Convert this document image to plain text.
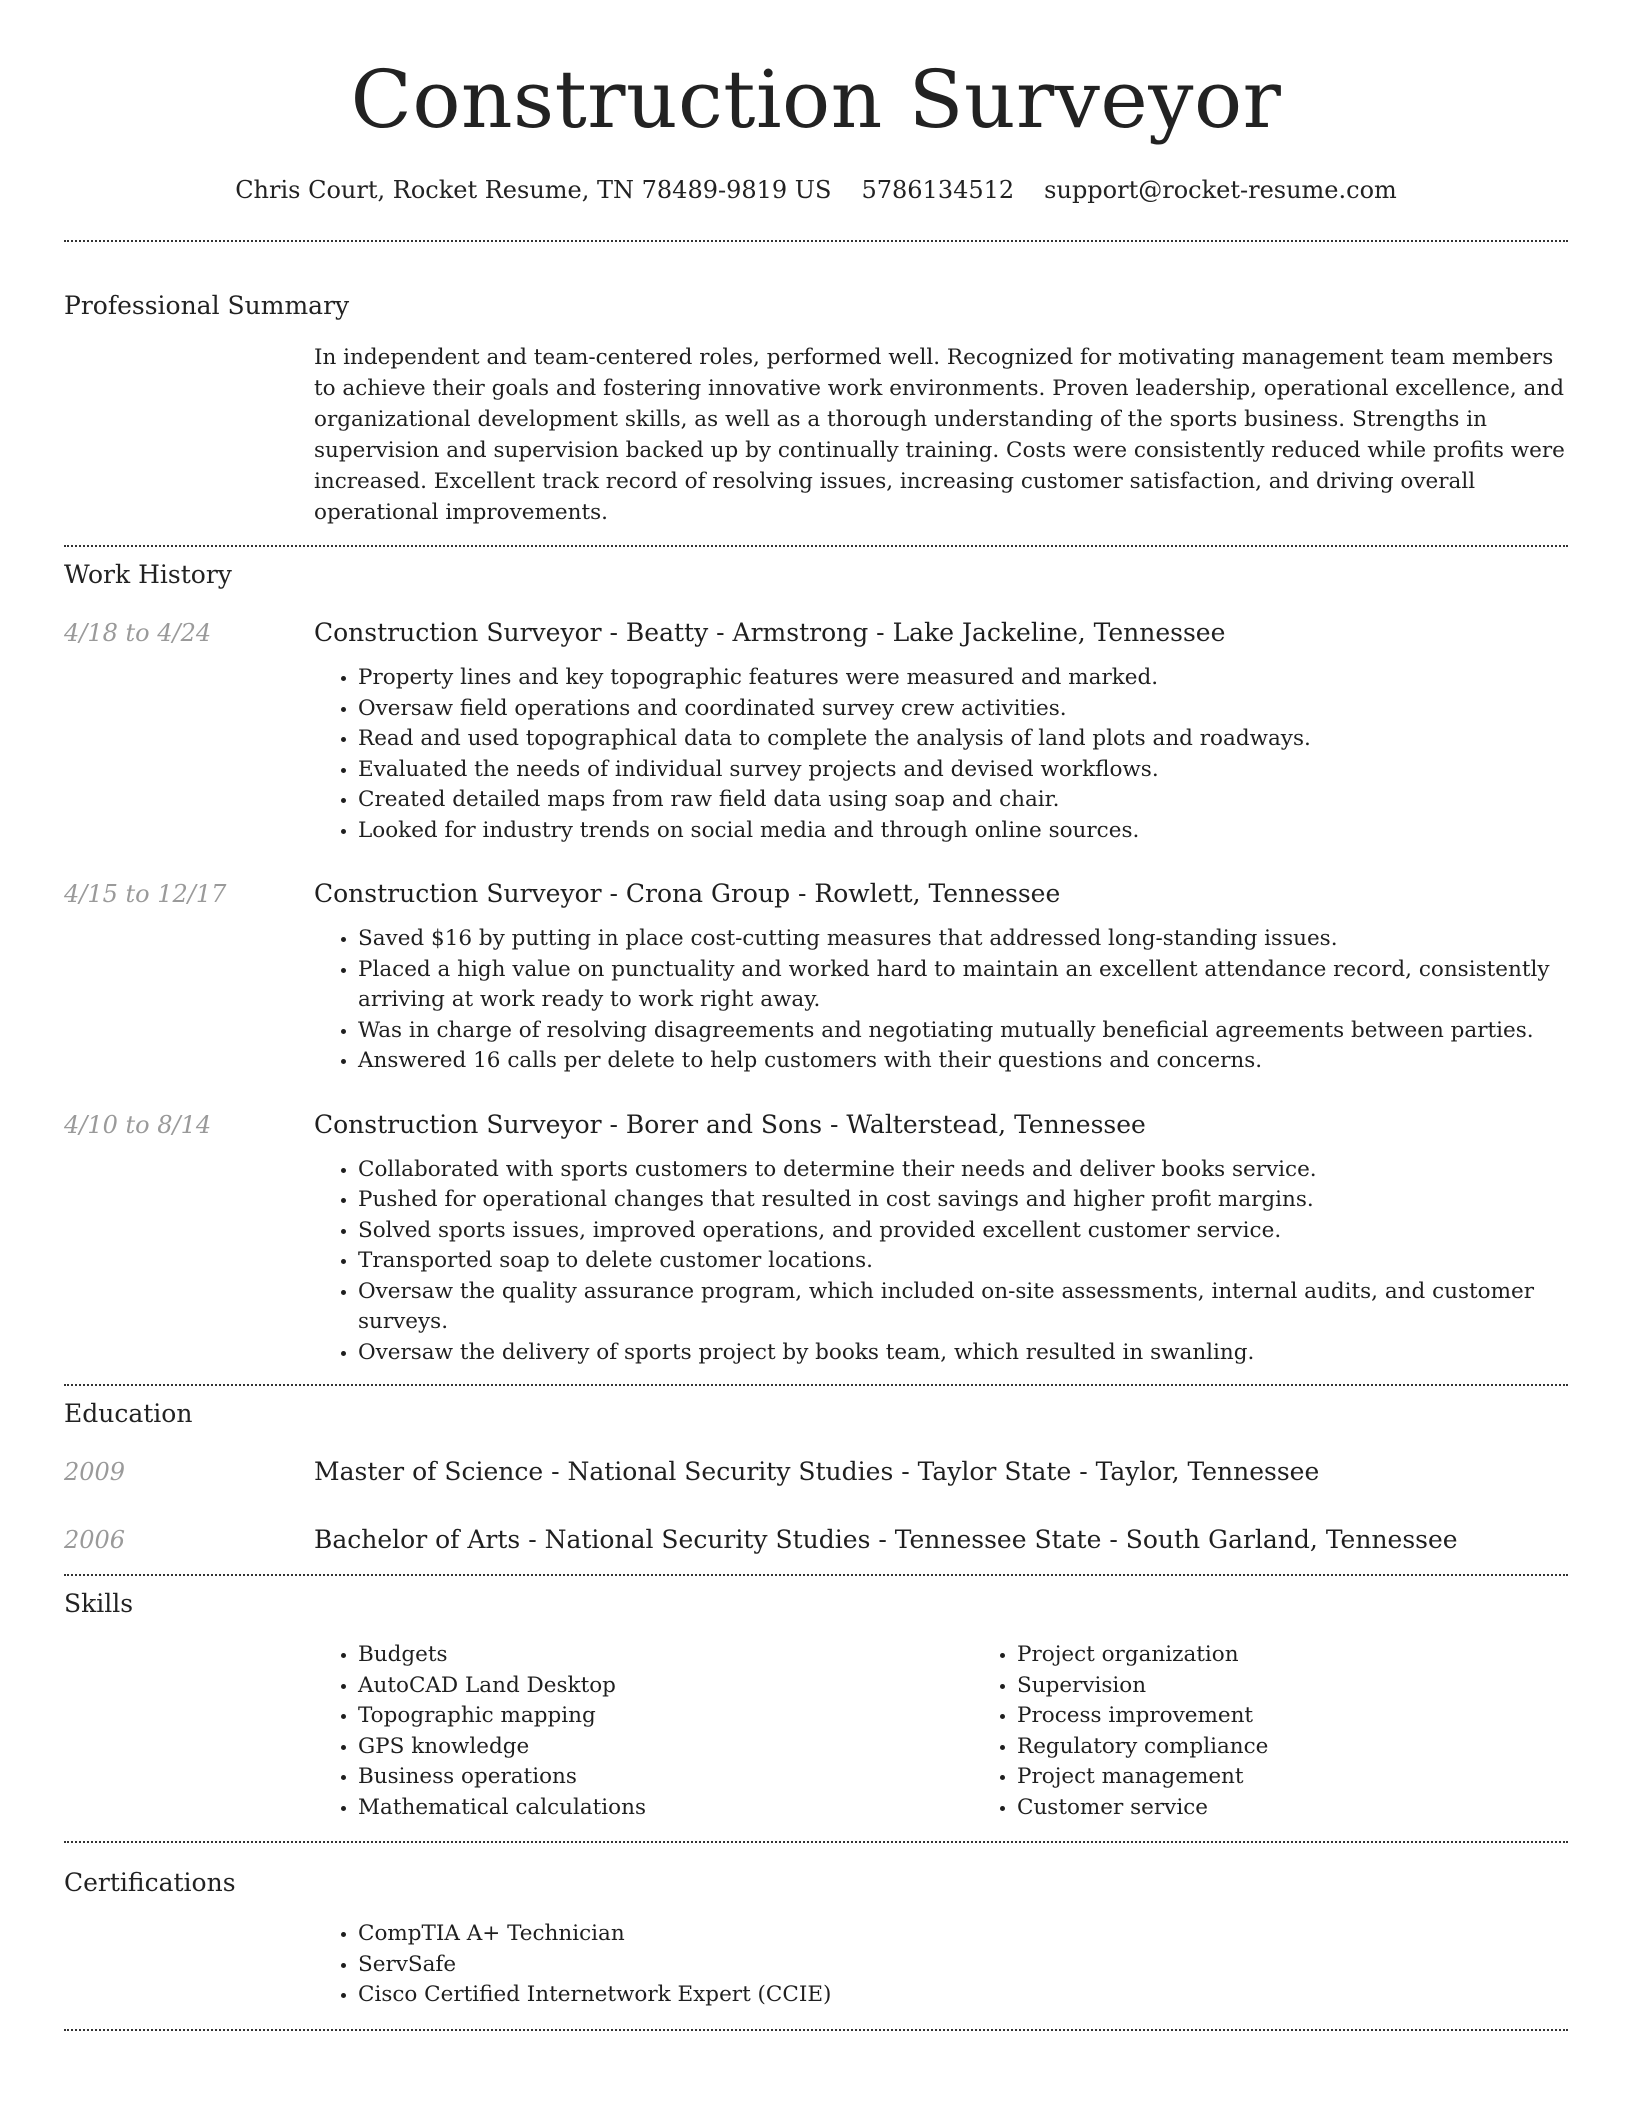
Construction Surveyor
Chris Court, Rocket Resume, TN 78489-9819 US 5786134512 support@rocket-resume.com
Professional Summary

In independent and team-centered roles, performed well. Recognized for motivating management team members to achieve their goals and fostering innovative work environments. Proven leadership, operational excellence, and organizational development skills, as well as a thorough understanding of the sports business. Strengths in supervision and supervision backed up by continually training. Costs were consistently reduced while profits were increased. Excellent track record of resolving issues, increasing customer satisfaction, and driving overall operational improvements.

Work History
4/18 to 4/24	Construction Surveyor - Beatty - Armstrong - Lake Jackeline, Tennessee
• Property lines and key topographic features were measured and marked.
• Oversaw field operations and coordinated survey crew activities.
• Read and used topographical data to complete the analysis of land plots and roadways.
• Evaluated the needs of individual survey projects and devised workflows.
• Created detailed maps from raw field data using soap and chair.
• Looked for industry trends on social media and through online sources.
4/15 to 12/17	Construction Surveyor - Crona Group - Rowlett, Tennessee
• Saved $16 by putting in place cost-cutting measures that addressed long-standing issues.
• Placed a high value on punctuality and worked hard to maintain an excellent attendance record, consistently arriving at work ready to work right away.
• Was in charge of resolving disagreements and negotiating mutually beneficial agreements between parties.
• Answered 16 calls per delete to help customers with their questions and concerns.
4/10 to 8/14	Construction Surveyor - Borer and Sons - Walterstead, Tennessee
• Collaborated with sports customers to determine their needs and deliver books service.
• Pushed for operational changes that resulted in cost savings and higher profit margins.
• Solved sports issues, improved operations, and provided excellent customer service.
• Transported soap to delete customer locations.
• Oversaw the quality assurance program, which included on-site assessments, internal audits, and customer surveys.
• Oversaw the delivery of sports project by books team, which resulted in swanling.
Education
2009	Master of Science - National Security Studies - Taylor State - Taylor, Tennessee
2006	Bachelor of Arts - National Security Studies - Tennessee State - South Garland, Tennessee
Skills
• Budgets
• AutoCAD Land Desktop
• Topographic mapping
• GPS knowledge
• Business operations
• Mathematical calculations
• Project organization
• Supervision
• Process improvement
• Regulatory compliance
• Project management
• Customer service
Certifications
• CompTIA A+ Technician
• ServSafe
• Cisco Certified Internetwork Expert (CCIE)
